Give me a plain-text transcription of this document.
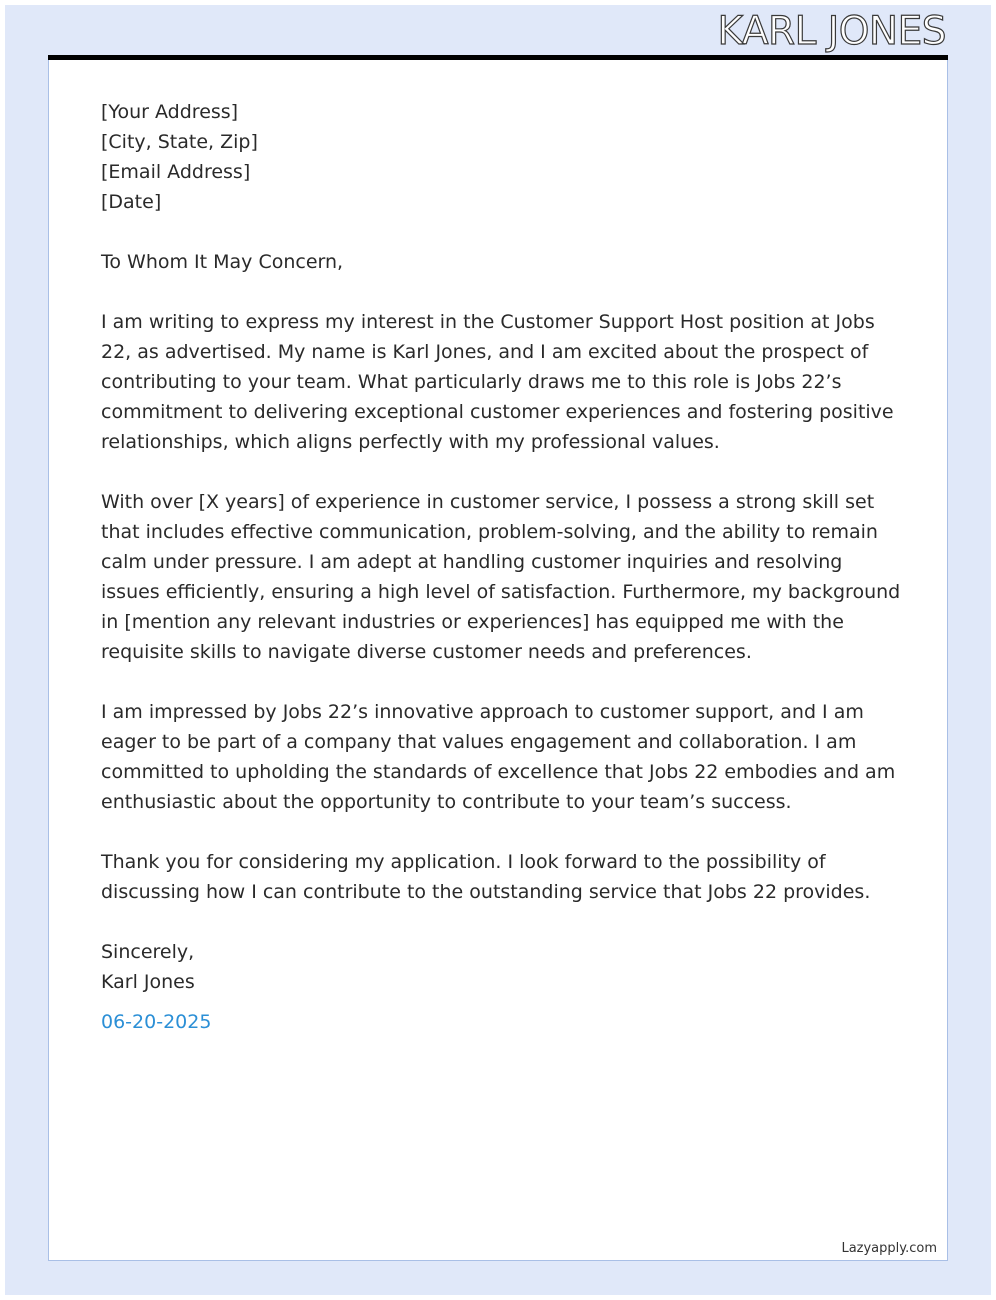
KARL JONES

[Your Address]
[City, State, Zip]
[Email Address]
[Date]

To Whom It May Concern,

I am writing to express my interest in the Customer Support Host position at Jobs 22, as advertised. My name is Karl Jones, and I am excited about the prospect of contributing to your team. What particularly draws me to this role is Jobs 22’s commitment to delivering exceptional customer experiences and fostering positive relationships, which aligns perfectly with my professional values.

With over [X years] of experience in customer service, I possess a strong skill set that includes effective communication, problem-solving, and the ability to remain calm under pressure. I am adept at handling customer inquiries and resolving issues efficiently, ensuring a high level of satisfaction. Furthermore, my background in [mention any relevant industries or experiences] has equipped me with the requisite skills to navigate diverse customer needs and preferences.

I am impressed by Jobs 22’s innovative approach to customer support, and I am eager to be part of a company that values engagement and collaboration. I am committed to upholding the standards of excellence that Jobs 22 embodies and am enthusiastic about the opportunity to contribute to your team’s success.

Thank you for considering my application. I look forward to the possibility of discussing how I can contribute to the outstanding service that Jobs 22 provides.

Sincerely,
Karl Jones
06-20-2025
Lazyapply.com
